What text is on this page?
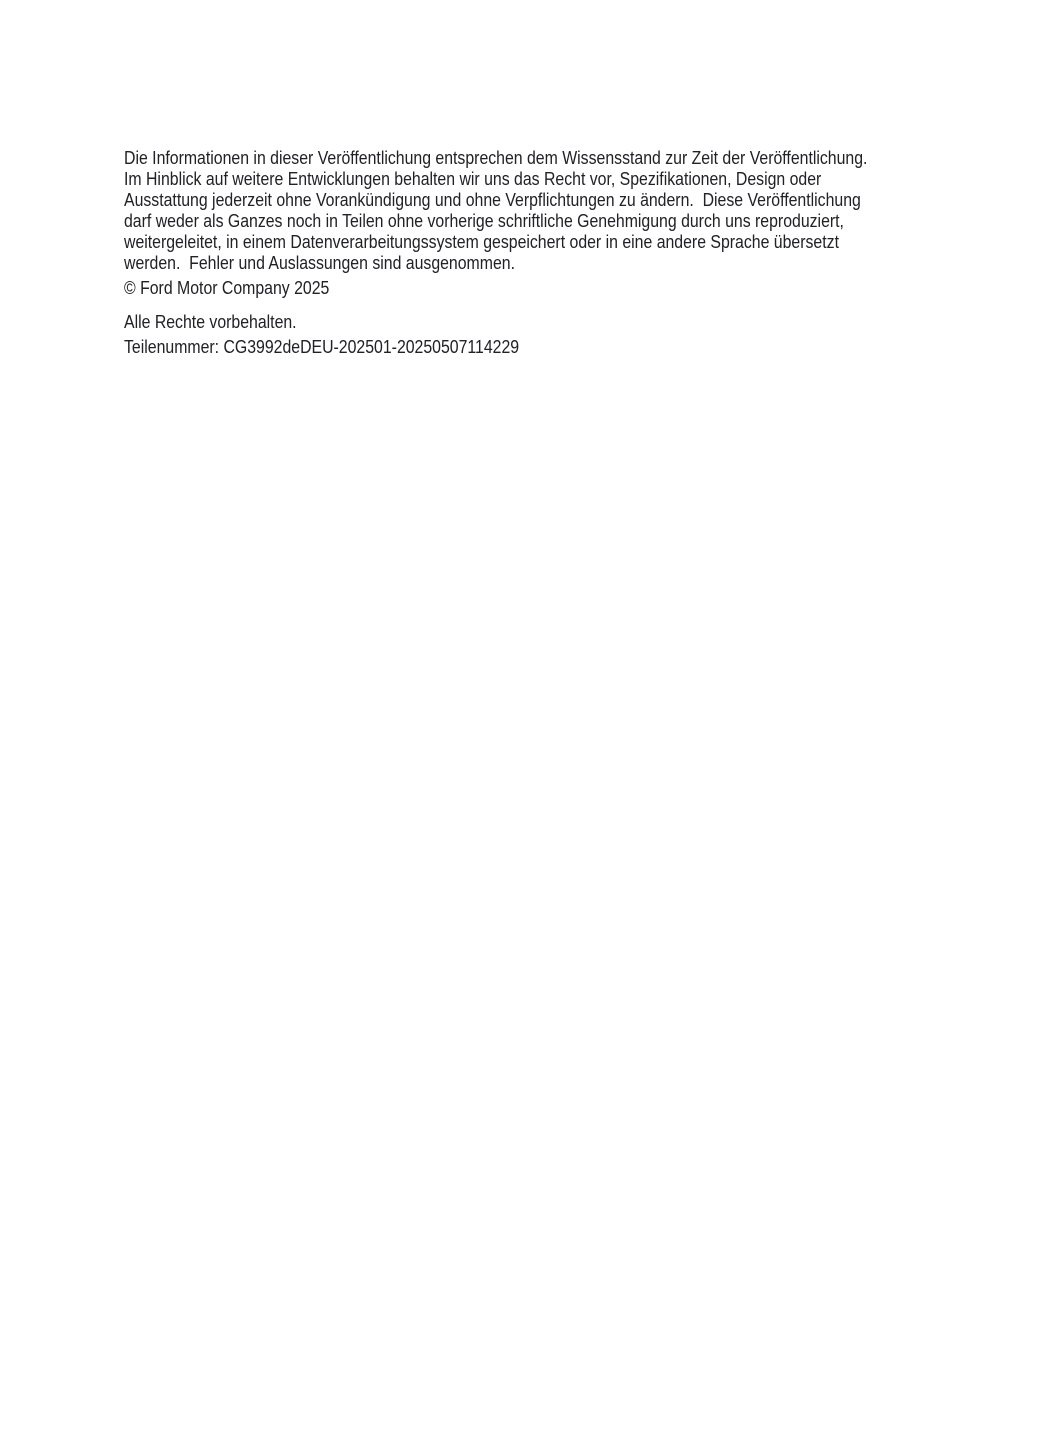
Die Informationen in dieser Veröffentlichung entsprechen dem Wissensstand zur Zeit der Veröffentlichung.
Im Hinblick auf weitere Entwicklungen behalten wir uns das Recht vor, Spezifikationen, Design oder
Ausstattung jederzeit ohne Vorankündigung und ohne Verpflichtungen zu ändern.  Diese Veröffentlichung
darf weder als Ganzes noch in Teilen ohne vorherige schriftliche Genehmigung durch uns reproduziert,
weitergeleitet, in einem Datenverarbeitungssystem gespeichert oder in eine andere Sprache übersetzt
werden.  Fehler und Auslassungen sind ausgenommen.

© Ford Motor Company 2025

Alle Rechte vorbehalten.

Teilenummer: CG3992deDEU-202501-20250507114229
